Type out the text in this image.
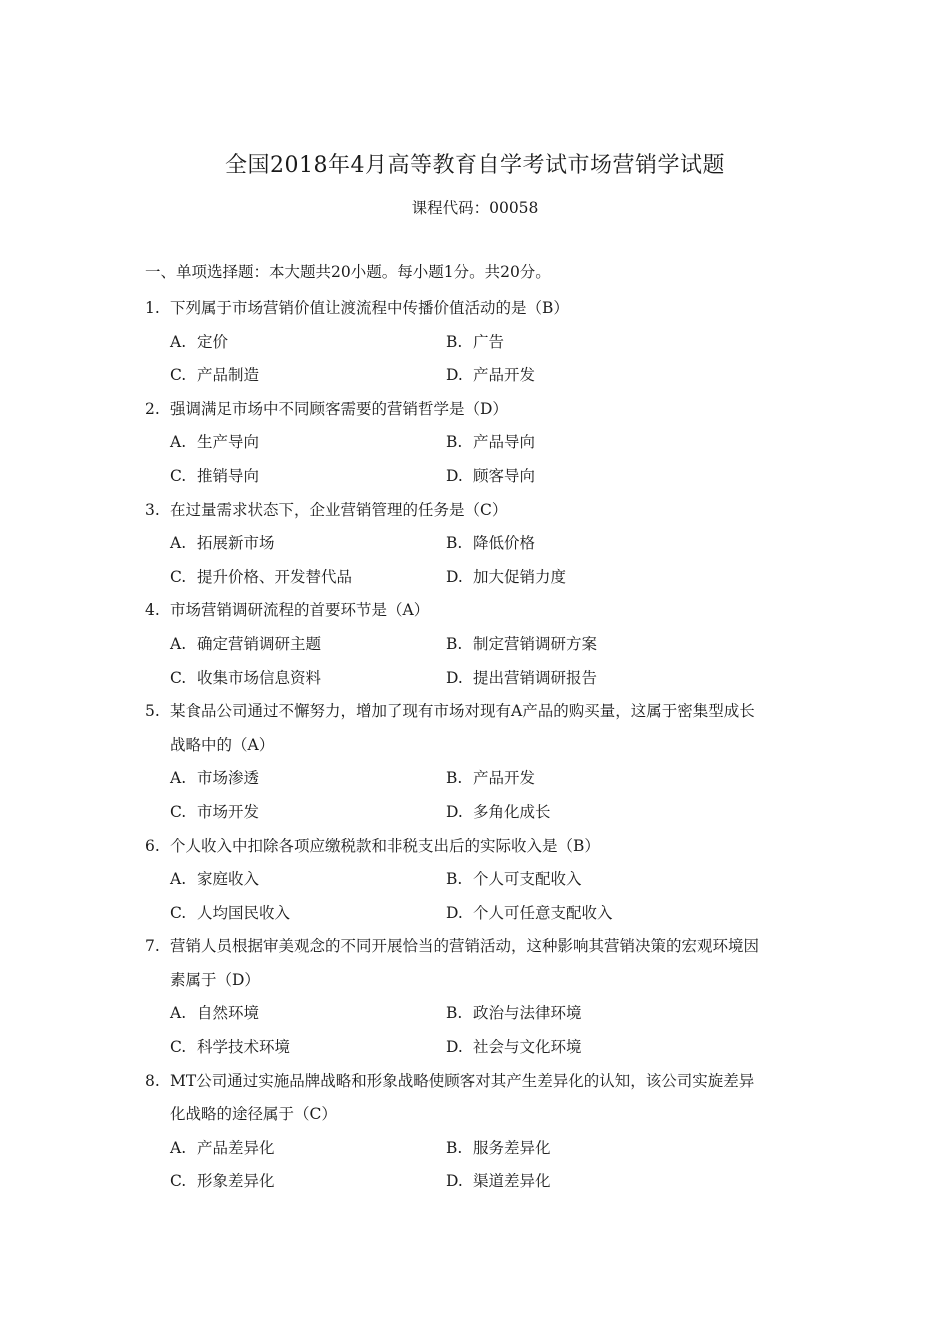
全国2018年4月高等教育自学考试市场营销学试题
课程代码：00058
一、单项选择题：本大题共20小题。每小题1分。共20分。
1. 下列属于市场营销价值让渡流程中传播价值活动的是（B）
A. 定价	B. 广告
C. 产品制造	D. 产品开发
2. 强调满足市场中不同顾客需要的营销哲学是（D）
A. 生产导向	B. 产品导向
C. 推销导向	D. 顾客导向
3. 在过量需求状态下，企业营销管理的任务是（C）
A. 拓展新市场	B. 降低价格
C. 提升价格、开发替代品	D. 加大促销力度
4. 市场营销调研流程的首要环节是（A）
A. 确定营销调研主题	B. 制定营销调研方案
C. 收集市场信息资料	D. 提出营销调研报告
5. 某食品公司通过不懈努力，增加了现有市场对现有A产品的购买量，这属于密集型成长
战略中的（A）
A. 市场渗透	B. 产品开发
C. 市场开发	D. 多角化成长
6. 个人收入中扣除各项应缴税款和非税支出后的实际收入是（B）
A. 家庭收入	B. 个人可支配收入
C. 人均国民收入	D. 个人可任意支配收入
7. 营销人员根据审美观念的不同开展恰当的营销活动，这种影响其营销决策的宏观环境因
素属于（D）
A. 自然环境	B. 政治与法律环境
C. 科学技术环境	D. 社会与文化环境
8. MT公司通过实施品牌战略和形象战略使顾客对其产生差异化的认知，该公司实旋差异
化战略的途径属于（C）
A. 产品差异化	B. 服务差异化
C. 形象差异化	D. 渠道差异化
